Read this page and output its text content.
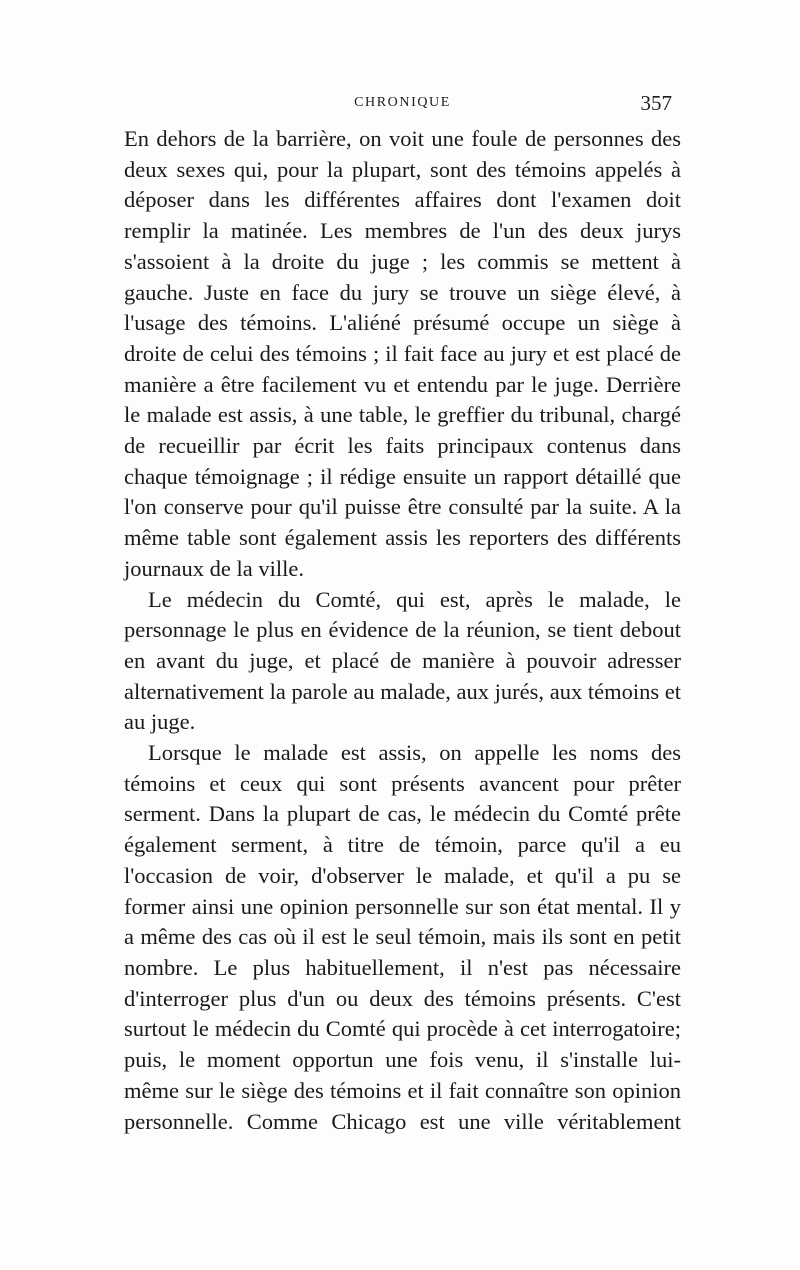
CHRONIQUE	357

En dehors de la barrière, on voit une foule de personnes des deux sexes qui, pour la plupart, sont des témoins appelés à déposer dans les différentes affaires dont l'examen doit remplir la matinée. Les membres de l'un des deux jurys s'assoient à la droite du juge ; les commis se mettent à gauche. Juste en face du jury se trouve un siège élevé, à l'usage des témoins. L'aliéné présumé occupe un siège à droite de celui des témoins ; il fait face au jury et est placé de manière a être facilement vu et entendu par le juge. Derrière le malade est assis, à une table, le greffier du tribunal, chargé de recueillir par écrit les faits principaux contenus dans chaque témoignage ; il rédige ensuite un rapport détaillé que l'on conserve pour qu'il puisse être consulté par la suite. A la même table sont également assis les reporters des différents journaux de la ville.

Le médecin du Comté, qui est, après le malade, le personnage le plus en évidence de la réunion, se tient debout en avant du juge, et placé de manière à pouvoir adresser alternativement la parole au malade, aux jurés, aux témoins et au juge.

Lorsque le malade est assis, on appelle les noms des témoins et ceux qui sont présents avancent pour prêter serment. Dans la plupart de cas, le médecin du Comté prête également serment, à titre de témoin, parce qu'il a eu l'occasion de voir, d'observer le malade, et qu'il a pu se former ainsi une opinion personnelle sur son état mental. Il y a même des cas où il est le seul témoin, mais ils sont en petit nombre. Le plus habituellement, il n'est pas nécessaire d'interroger plus d'un ou deux des témoins présents. C'est surtout le médecin du Comté qui procède à cet interrogatoire; puis, le moment opportun une fois venu, il s'installe lui-même sur le siège des témoins et il fait connaître son opinion personnelle. Comme Chicago est une ville véritablement
